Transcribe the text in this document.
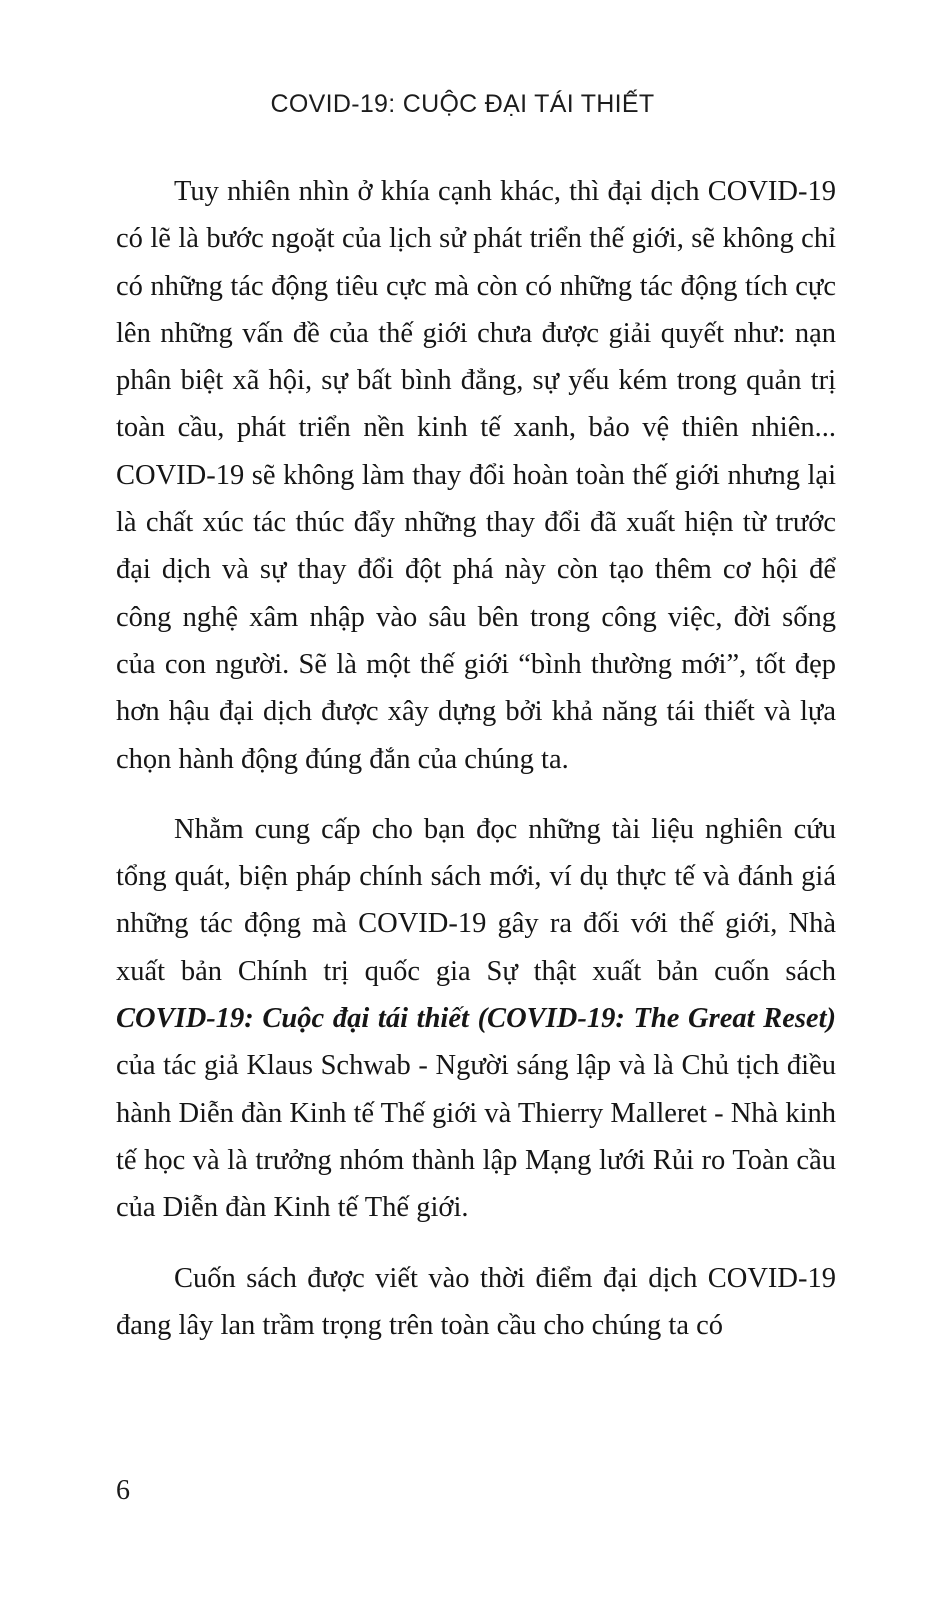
COVID-19: CUỘC ĐẠI TÁI THIẾT

Tuy nhiên nhìn ở khía cạnh khác, thì đại dịch COVID-19 có lẽ là bước ngoặt của lịch sử phát triển thế giới, sẽ không chỉ có những tác động tiêu cực mà còn có những tác động tích cực lên những vấn đề của thế giới chưa được giải quyết như: nạn phân biệt xã hội, sự bất bình đẳng, sự yếu kém trong quản trị toàn cầu, phát triển nền kinh tế xanh, bảo vệ thiên nhiên... COVID-19 sẽ không làm thay đổi hoàn toàn thế giới nhưng lại là chất xúc tác thúc đẩy những thay đổi đã xuất hiện từ trước đại dịch và sự thay đổi đột phá này còn tạo thêm cơ hội để công nghệ xâm nhập vào sâu bên trong công việc, đời sống của con người. Sẽ là một thế giới “bình thường mới”, tốt đẹp hơn hậu đại dịch được xây dựng bởi khả năng tái thiết và lựa chọn hành động đúng đắn của chúng ta.

Nhằm cung cấp cho bạn đọc những tài liệu nghiên cứu tổng quát, biện pháp chính sách mới, ví dụ thực tế và đánh giá những tác động mà COVID-19 gây ra đối với thế giới, Nhà xuất bản Chính trị quốc gia Sự thật xuất bản cuốn sách COVID-19: Cuộc đại tái thiết (COVID-19: The Great Reset) của tác giả Klaus Schwab - Người sáng lập và là Chủ tịch điều hành Diễn đàn Kinh tế Thế giới và Thierry Malleret - Nhà kinh tế học và là trưởng nhóm thành lập Mạng lưới Rủi ro Toàn cầu của Diễn đàn Kinh tế Thế giới.

Cuốn sách được viết vào thời điểm đại dịch COVID-19 đang lây lan trầm trọng trên toàn cầu cho chúng ta có

6
